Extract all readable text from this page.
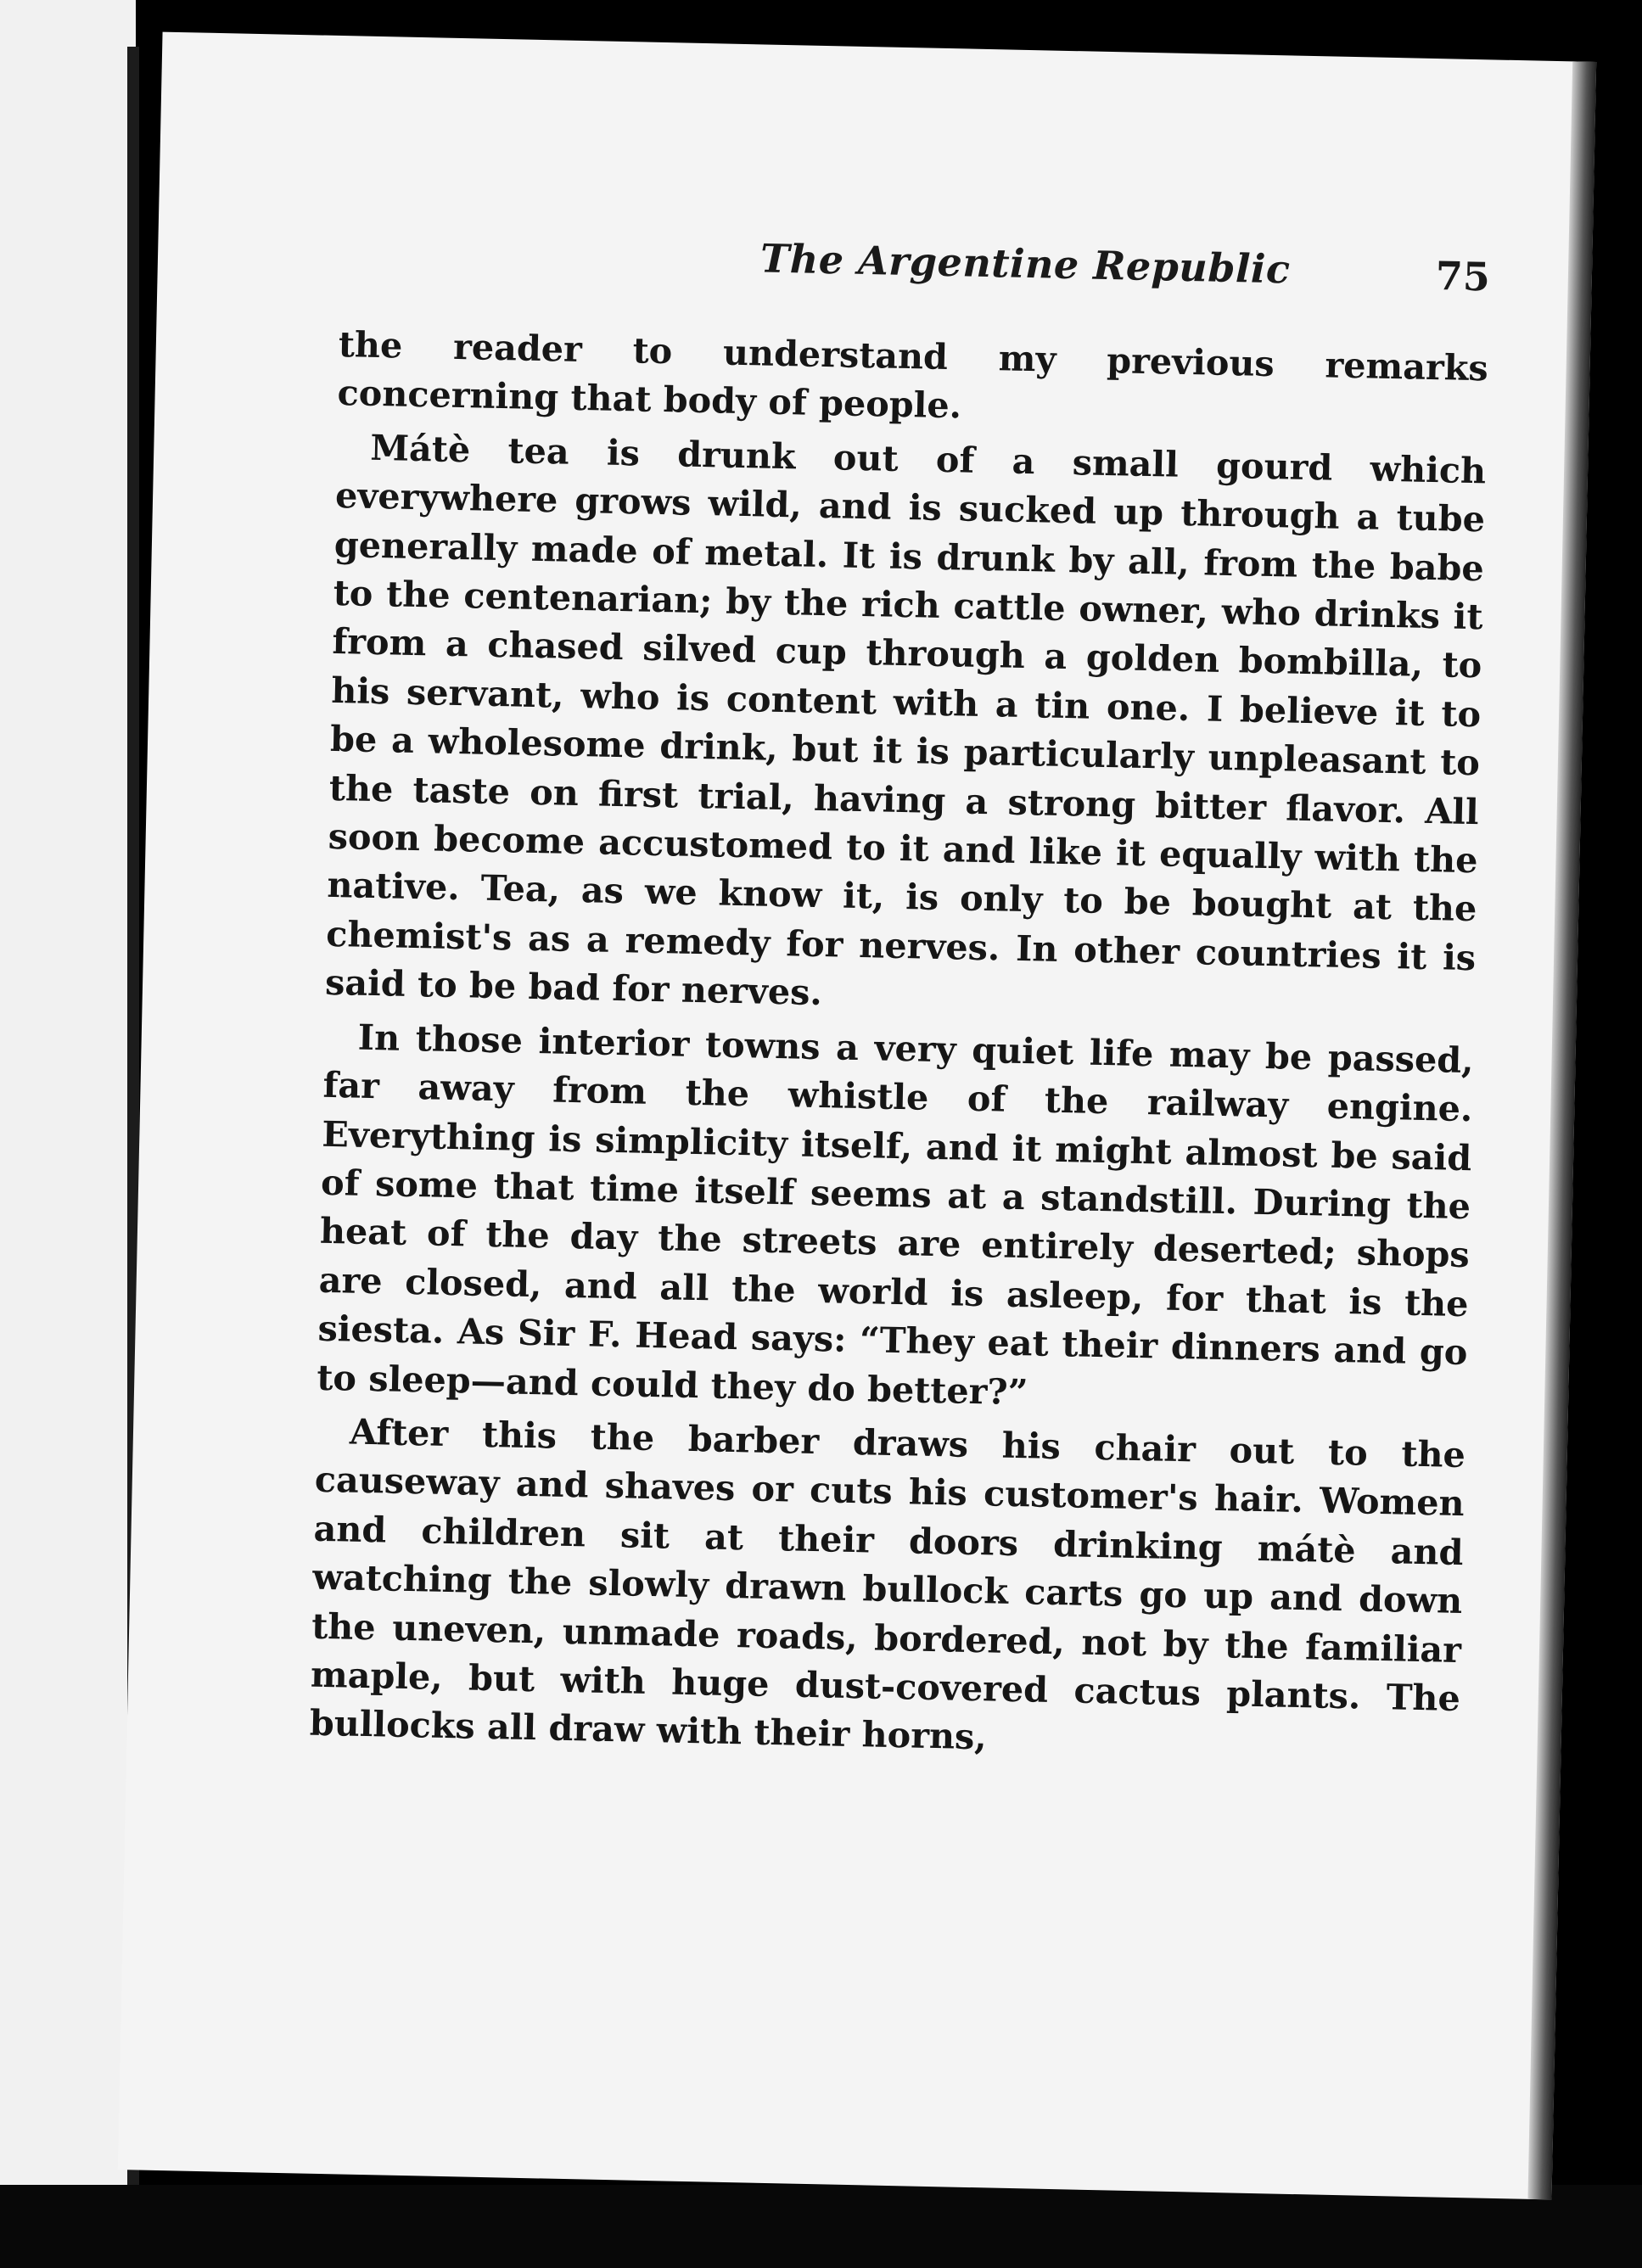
The Argentine Republic	75

the reader to understand my previous remarks concerning that body of people.

Mátè tea is drunk out of a small gourd which everywhere grows wild, and is sucked up through a tube generally made of metal. It is drunk by all, from the babe to the centenarian; by the rich cattle owner, who drinks it from a chased silved cup through a golden bombilla, to his servant, who is content with a tin one. I believe it to be a wholesome drink, but it is particularly unpleasant to the taste on first trial, having a strong bitter flavor. All soon become accustomed to it and like it equally with the native. Tea, as we know it, is only to be bought at the chemist's as a remedy for nerves. In other countries it is said to be bad for nerves.

In those interior towns a very quiet life may be passed, far away from the whistle of the railway engine. Everything is simplicity itself, and it might almost be said of some that time itself seems at a standstill. During the heat of the day the streets are entirely deserted; shops are closed, and all the world is asleep, for that is the siesta. As Sir F. Head says: “They eat their dinners and go to sleep—and could they do better?”

After this the barber draws his chair out to the causeway and shaves or cuts his customer's hair. Women and children sit at their doors drinking mátè and watching the slowly drawn bullock carts go up and down the uneven, unmade roads, bordered, not by the familiar maple, but with huge dust-covered cactus plants. The bullocks all draw with their horns,
